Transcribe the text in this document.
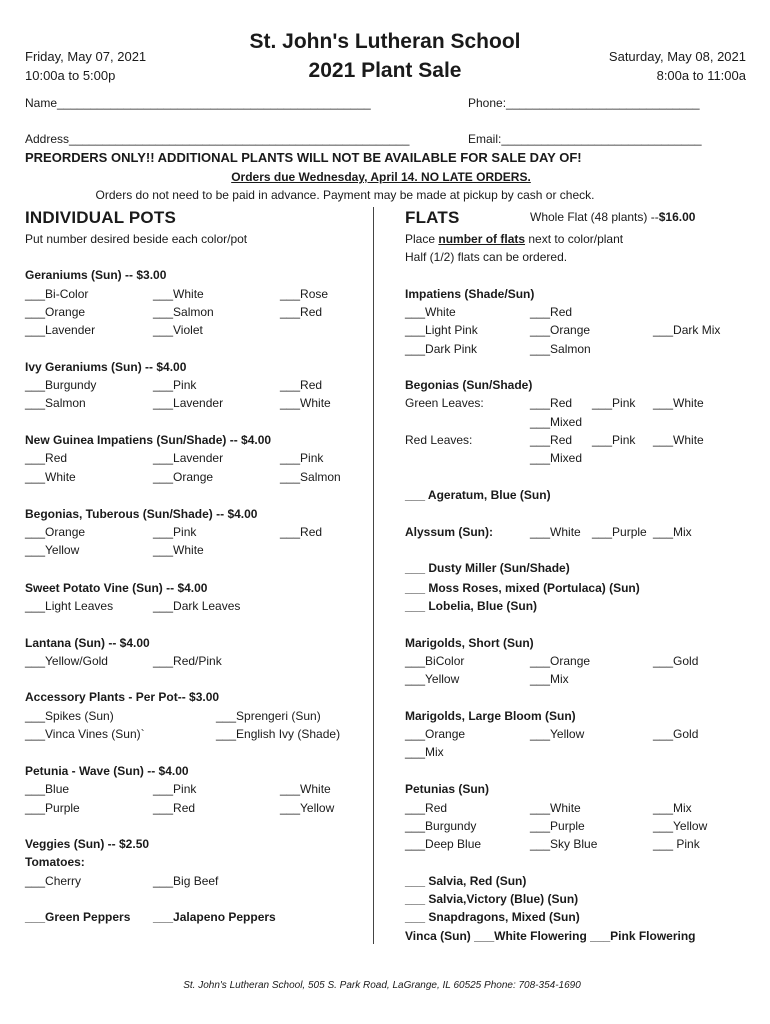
Friday, May 07, 2021
10:00a to 5:00p
St. John's Lutheran School
2021 Plant Sale
Saturday, May 08, 2021
8:00a to 11:00a
Name_______________________________________________	Phone:_____________________________
Address___________________________________________________	Email:______________________________
PREORDERS ONLY!! ADDITIONAL PLANTS WILL NOT BE AVAILABLE FOR SALE DAY OF!
Orders due Wednesday, April 14. NO LATE ORDERS.
Orders do not need to be paid in advance. Payment may be made at pickup by cash or check.
INDIVIDUAL POTS
Put number desired beside each color/pot
Geraniums (Sun) -- $3.00
___Bi-Color	___White	___Rose
___Orange	___Salmon	___Red
___Lavender	___Violet
Ivy Geraniums (Sun) -- $4.00
___Burgundy	___Pink	___Red
___Salmon	___Lavender	___White
New Guinea Impatiens (Sun/Shade) -- $4.00
___Red	___Lavender	___Pink
___White	___Orange	___Salmon
Begonias, Tuberous (Sun/Shade) -- $4.00
___Orange	___Pink	___Red
___Yellow	___White
Sweet Potato Vine (Sun) -- $4.00
___Light Leaves	___Dark Leaves
Lantana (Sun) -- $4.00
___Yellow/Gold	___Red/Pink
Accessory Plants - Per Pot-- $3.00
___Spikes (Sun)	___Sprengeri (Sun)
___Vinca Vines (Sun)`	___English Ivy (Shade)
Petunia - Wave (Sun) -- $4.00
___Blue	___Pink	___White
___Purple	___Red	___Yellow
Veggies (Sun) -- $2.50
Tomatoes:
___Cherry	___Big Beef
___Green Peppers ___Jalapeno Peppers
FLATS	Whole Flat (48 plants) --$16.00
Place number of flats next to color/plant
Half (1/2) flats can be ordered.
Impatiens (Shade/Sun)
___White	___Red
___Light Pink	___Orange	___Dark Mix
___Dark Pink	___Salmon
Begonias (Sun/Shade)
Green Leaves:	___Red ___Pink ___White
___Mixed
Red Leaves:	___Red ___Pink ___White
___Mixed
___ Ageratum, Blue (Sun)
Alyssum (Sun):	___White ___Purple ___Mix
___ Dusty Miller (Sun/Shade)
___ Moss Roses, mixed (Portulaca) (Sun)
___ Lobelia, Blue (Sun)
Marigolds, Short (Sun)
___BiColor	___Orange	___Gold
___Yellow	___Mix
Marigolds, Large Bloom (Sun)
___Orange	___Yellow	___Gold
___Mix
Petunias (Sun)
___Red	___White	___Mix
___Burgundy	___Purple	___Yellow
___Deep Blue	___Sky Blue	___ Pink
___ Salvia, Red (Sun)
___ Salvia,Victory (Blue) (Sun)
___ Snapdragons, Mixed (Sun)
Vinca (Sun) ___White Flowering ___Pink Flowering
St. John's Lutheran School, 505 S. Park Road, LaGrange, IL 60525 Phone: 708-354-1690
